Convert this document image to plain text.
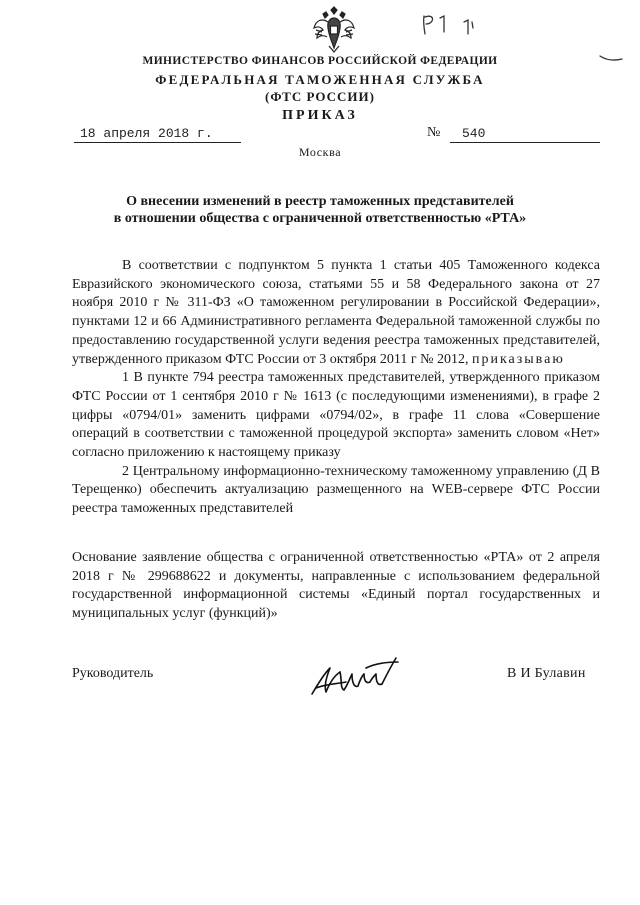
МИНИСТЕРСТВО ФИНАНСОВ РОССИЙСКОЙ ФЕДЕРАЦИИ
ФЕДЕРАЛЬНАЯ ТАМОЖЕННАЯ СЛУЖБА
(ФТС РОССИИ)
ПРИКАЗ
18 апреля 2018 г.	№	540
Москва
О внесении изменений в реестр таможенных представителей
в отношении общества с ограниченной ответственностью «РТА»

В соответствии с подпунктом 5 пункта 1 статьи 405 Таможенного кодекса Евразийского экономического союза, статьями 55 и 58 Федерального закона от 27 ноября 2010 г № 311-ФЗ «О таможенном регулировании в Российской Федерации», пунктами 12 и 66 Административного регламента Федеральной таможенной службы по предоставлению государственной услуги ведения реестра таможенных представителей, утвержденного приказом ФТС России от 3 октября 2011 г № 2012, приказываю

1 В пункте 794 реестра таможенных представителей, утвержденного приказом ФТС России от 1 сентября 2010 г № 1613 (с последующими изменениями), в графе 2 цифры «0794/01» заменить цифрами «0794/02», в графе 11 слова «Совершение операций в соответствии с таможенной процедурой экспорта» заменить словом «Нет» согласно приложению к настоящему приказу

2 Центральному информационно-техническому таможенному управлению (Д В Терещенко) обеспечить актуализацию размещенного на WEB-сервере ФТС России реестра таможенных представителей

Основание заявление общества с ограниченной ответственностью «РТА» от 2 апреля 2018 г № 299688622 и документы, направленные с использованием федеральной государственной информационной системы «Единый портал государственных и муниципальных услуг (функций)»

Руководитель	В И Булавин
